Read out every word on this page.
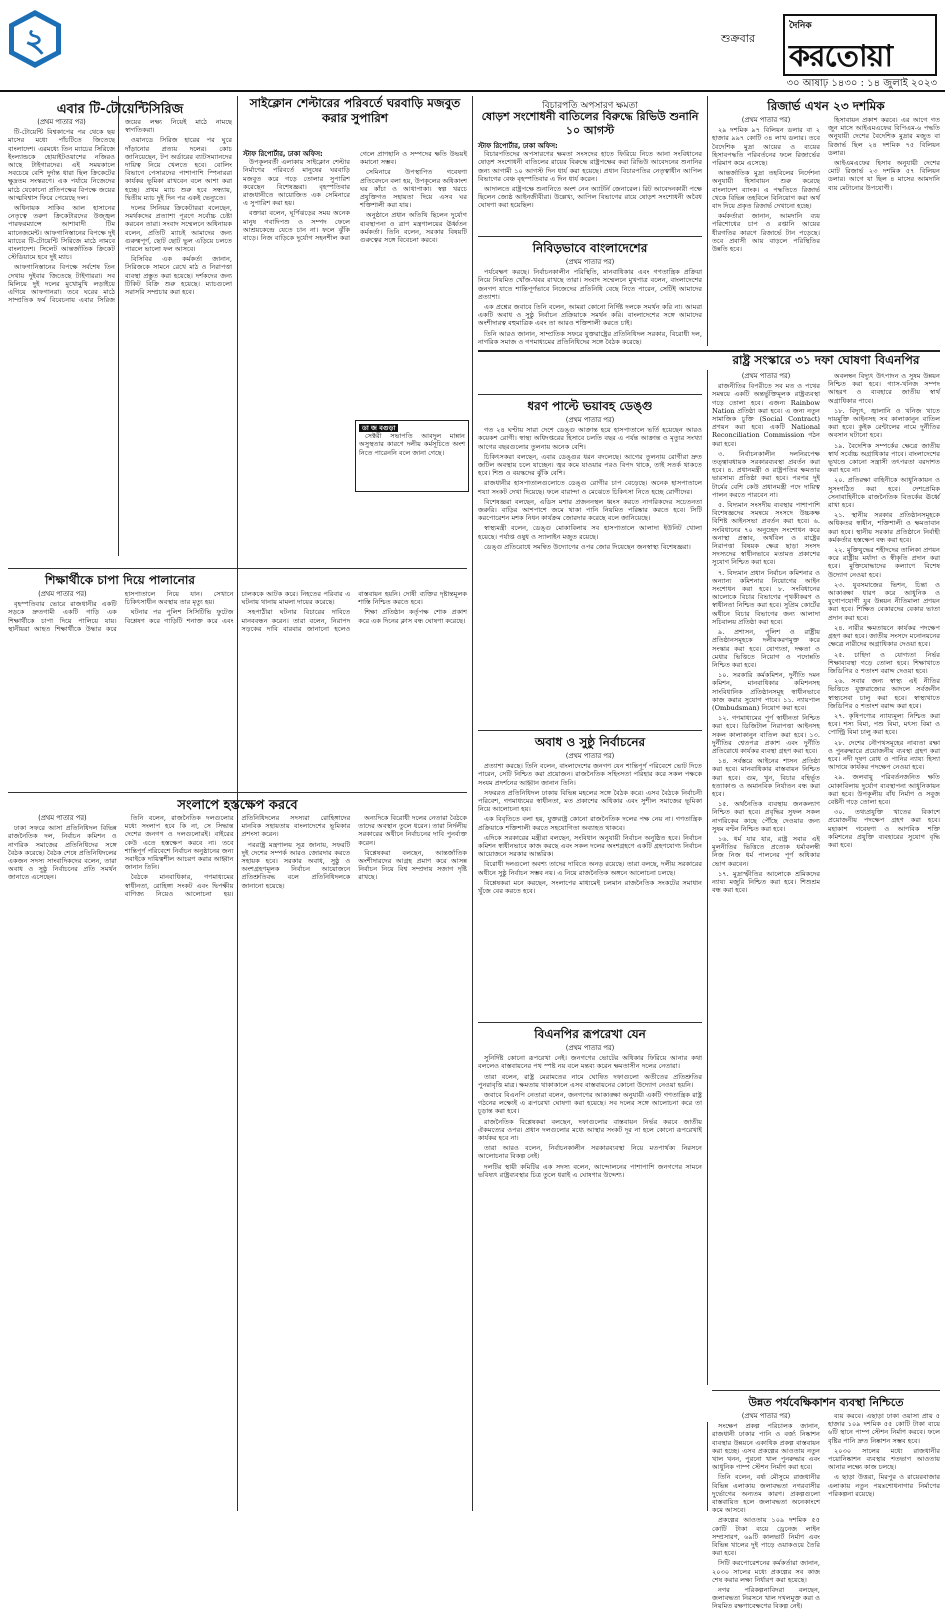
২	শুক্রবার
দৈনিক
করতোয়া
৩০ আষাঢ় ১৪৩০ : ১৪ জুলাই ২০২৩
এবার টি-টোয়েন্টিসিরিজ
(প্রথম পাতার পর)

টি-টোয়েন্টি বিশ্বকাপের পর থেকে ছয় মাসের মধ্যে পাঁচটিতে জিতেছে বাংলাদেশ। এরমধ্যে তিন ম্যাচের সিরিজে ইংল্যান্ডকে হোয়াইটওয়াশের নজিরও আছে টাইগারদের। এই সময়কালে সবচেয়ে বেশি দুর্দান্ত ধারা ছিল ক্রিকেটের ক্ষুদ্রতম সংস্করণে। এক পর্যায়ে নিজেদের মাঠে যেকোনো প্রতিপক্ষের বিপক্ষে জয়ের আত্মবিশ্বাস ফিরে পেয়েছে দল।

অধিনায়ক সাকিব আল হাসানের নেতৃত্বে তরুণ ক্রিকেটারদের উজ্জ্বল পারফরম্যান্সে আশাবাদী টিম ম্যানেজমেন্ট। আফগানিস্তানের বিপক্ষে দুই ম্যাচের টি-টোয়েন্টি সিরিজে মাঠে নামবে বাংলাদেশ। সিলেট আন্তর্জাতিক ক্রিকেট স্টেডিয়ামে হবে দুই ম্যাচ।

আফগানিস্তানের বিপক্ষে সর্বশেষ তিন দেখায় দুইবার জিতেছে টাইগাররা। সব মিলিয়ে দুই দলের মুখোমুখি লড়াইয়ে এগিয়ে আফগানরা। তবে ঘরের মাঠে সাম্প্রতিক ফর্ম বিবেচনায় এবার সিরিজ জয়ের লক্ষ্য নিয়েই মাঠে নামছে স্বাগতিকরা।

ওয়ানডে সিরিজ হারের পর ঘুরে দাঁড়ানোর প্রত্যয় দলের। কোচ জানিয়েছেন, টপ অর্ডারের ব্যাটসম্যানদের দায়িত্ব নিয়ে খেলতে হবে। বোলিং বিভাগে পেসারদের পাশাপাশি স্পিনাররা কার্যকর ভূমিকা রাখবেন বলে আশা করা হচ্ছে। প্রথম ম্যাচ শুরু হবে সন্ধ্যায়, দ্বিতীয় ম্যাচ দুই দিন পর একই ভেন্যুতে।

দলের সিনিয়র ক্রিকেটাররা বলেছেন, সমর্থকদের প্রত্যাশা পূরণে সর্বোচ্চ চেষ্টা করবেন তারা। সংবাদ সম্মেলনে অধিনায়ক বলেন, প্রতিটি ম্যাচই আমাদের জন্য গুরুত্বপূর্ণ, ছোট ছোট ভুল এড়িয়ে চলতে পারলে ভালো ফল আসবে।

বিসিবির এক কর্মকর্তা জানান, সিরিজকে সামনে রেখে মাঠ ও নিরাপত্তা ব্যবস্থা প্রস্তুত করা হয়েছে। দর্শকদের জন্য টিকিট বিক্রি শুরু হয়েছে। ম্যাচগুলো সরাসরি সম্প্রচার করা হবে।

সাইক্লোন শেল্টারের পরিবর্তে ঘরবাড়ি মজবুত করার সুপারিশ
স্টাফ রিপোর্টার, ঢাকা অফিস:

উপকূলবর্তী এলাকায় সাইক্লোন শেল্টার নির্মাণের পরিবর্তে মানুষের ঘরবাড়ি মজবুত করে গড়ে তোলার সুপারিশ করেছেন বিশেষজ্ঞরা। বৃহস্পতিবার রাজধানীতে আয়োজিত এক সেমিনারে এ সুপারিশ করা হয়।

বক্তারা বলেন, ঘূর্ণিঝড়ের সময় অনেক মানুষ গবাদিপশু ও সম্পদ ফেলে আশ্রয়কেন্দ্রে যেতে চান না। ফলে ঝুঁকি বাড়ে। নিজ বাড়িকে দুর্যোগ সহনশীল করা গেলে প্রাণহানি ও সম্পদের ক্ষতি উভয়ই কমানো সম্ভব।

সেমিনারে উপস্থাপিত গবেষণা প্রতিবেদনে বলা হয়, উপকূলের অধিকাংশ ঘর কাঁচা ও আধাপাকা। স্বল্প খরচে প্রযুক্তিগত সহায়তা দিয়ে এসব ঘর শক্তিশালী করা যায়।

অনুষ্ঠানে প্রধান অতিথি ছিলেন দুর্যোগ ব্যবস্থাপনা ও ত্রাণ মন্ত্রণালয়ের ঊর্ধ্বতন কর্মকর্তা। তিনি বলেন, সরকার বিষয়টি গুরুত্বের সঙ্গে বিবেচনা করবে।

ডা জ বগুড়া

সেক্টরী সভাপতি আবদুল মান্নান অসুস্থতার কারণে দলীয় কর্মসূচিতে অংশ নিতে পারেননি বলে জানা গেছে।

শিক্ষার্থীকে চাপা দিয়ে পালানোর
(প্রথম পাতার পর)

বৃহস্পতিবার ভোরে রাজধানীর একটি সড়কে দ্রুতগামী একটি গাড়ি এক শিক্ষার্থীকে চাপা দিয়ে পালিয়ে যায়। স্থানীয়রা আহত শিক্ষার্থীকে উদ্ধার করে হাসপাতালে নিয়ে যান। সেখানে চিকিৎসাধীন অবস্থায় তার মৃত্যু হয়।

ঘটনার পর পুলিশ সিসিটিভি ফুটেজ বিশ্লেষণ করে গাড়িটি শনাক্ত করে এবং চালককে আটক করে। নিহতের পরিবার এ ঘটনায় থানায় মামলা দায়ের করেছে।

সহপাঠীরা ঘটনার বিচারের দাবিতে মানববন্ধন করেন। তারা বলেন, নিরাপদ সড়কের দাবি বারবার জানানো হলেও বাস্তবায়ন হয়নি। দোষী ব্যক্তির দৃষ্টান্তমূলক শাস্তি নিশ্চিত করতে হবে।

শিক্ষা প্রতিষ্ঠান কর্তৃপক্ষ শোক প্রকাশ করে এক দিনের ক্লাস বন্ধ ঘোষণা করেছে।

সংলাপে হস্তক্ষেপ করবে
(প্রথম পাতার পর)

ঢাকা সফরে আসা প্রতিনিধিদল বিভিন্ন রাজনৈতিক দল, নির্বাচন কমিশন ও নাগরিক সমাজের প্রতিনিধিদের সঙ্গে বৈঠক করেছে। বৈঠক শেষে প্রতিনিধিদলের একজন সদস্য সাংবাদিকদের বলেন, তারা অবাধ ও সুষ্ঠু নির্বাচনের প্রতি সমর্থন জানাতে এসেছেন।

তিনি বলেন, রাজনৈতিক দলগুলোর মধ্যে সংলাপ হবে কি না, সে সিদ্ধান্ত দেশের জনগণ ও দলগুলোরই। বাইরের কেউ এতে হস্তক্ষেপ করবে না। তবে শান্তিপূর্ণ পরিবেশে নির্বাচন অনুষ্ঠানের জন্য সবাইকে দায়িত্বশীল আচরণ করার আহ্বান জানান তিনি।

বৈঠকে মানবাধিকার, গণমাধ্যমের স্বাধীনতা, রোহিঙ্গা সংকট এবং দ্বিপক্ষীয় বাণিজ্য নিয়েও আলোচনা হয়। প্রতিনিধিদলের সদস্যরা রোহিঙ্গাদের মানবিক সহায়তায় বাংলাদেশের ভূমিকার প্রশংসা করেন।

পররাষ্ট্র মন্ত্রণালয় সূত্র জানায়, সফরটি দুই দেশের সম্পর্ক আরও জোরদার করতে সহায়ক হবে। সরকার অবাধ, সুষ্ঠু ও অংশগ্রহণমূলক নির্বাচন আয়োজনে প্রতিশ্রুতিবদ্ধ বলে প্রতিনিধিদলকে জানানো হয়েছে।

অন্যদিকে বিরোধী দলের নেতারা বৈঠকে তাদের অবস্থান তুলে ধরেন। তারা নির্দলীয় সরকারের অধীনে নির্বাচনের দাবি পুনর্ব্যক্ত করেন।

বিশ্লেষকরা বলছেন, আন্তর্জাতিক অংশীদারদের আগ্রহ প্রমাণ করে আসন্ন নির্বাচন নিয়ে বিশ্ব সম্প্রদায় সজাগ দৃষ্টি রাখছে।

বিচারপতি অপসারণ ক্ষমতা
ষোড়শ সংশোধনী বাতিলের বিরুদ্ধে রিভিউ শুনানি ১০ আগস্ট
স্টাফ রিপোর্টার, ঢাকা অফিস:

বিচারপতিদের অপসারণের ক্ষমতা সংসদের হাতে ফিরিয়ে নিতে আনা সংবিধানের ষোড়শ সংশোধনী বাতিলের রায়ের বিরুদ্ধে রাষ্ট্রপক্ষের করা রিভিউ আবেদনের শুনানির জন্য আগামী ১০ আগস্ট দিন ধার্য করা হয়েছে। প্রধান বিচারপতির নেতৃত্বাধীন আপিল বিভাগের বেঞ্চ বৃহস্পতিবার এ দিন ধার্য করেন।

আদালতে রাষ্ট্রপক্ষে শুনানিতে অংশ নেন অ্যাটর্নি জেনারেল। রিট আবেদনকারী পক্ষে ছিলেন জ্যেষ্ঠ আইনজীবীরা। উল্লেখ্য, আপিল বিভাগের রায়ে ষোড়শ সংশোধনী অবৈধ ঘোষণা করা হয়েছিল।

নিবিড়ভাবে বাংলাদেশের
(প্রথম পাতার পর)

পর্যবেক্ষণ করছে। নির্বাচনকালীন পরিস্থিতি, মানবাধিকার এবং গণতান্ত্রিক প্রক্রিয়া নিয়ে নিয়মিত খোঁজ-খবর রাখছে তারা। সংবাদ সম্মেলনে মুখপাত্র বলেন, বাংলাদেশের জনগণ যাতে শান্তিপূর্ণভাবে নিজেদের প্রতিনিধি বেছে নিতে পারেন, সেটিই আমাদের প্রত্যাশা।

এক প্রশ্নের জবাবে তিনি বলেন, আমরা কোনো নির্দিষ্ট দলকে সমর্থন করি না। আমরা একটি অবাধ ও সুষ্ঠু নির্বাচন প্রক্রিয়াকে সমর্থন করি। বাংলাদেশের সঙ্গে আমাদের অংশীদারত্ব বহুমাত্রিক এবং তা আরও শক্তিশালী করতে চাই।

তিনি আরও জানান, সাম্প্রতিক সফরে যুক্তরাষ্ট্রের প্রতিনিধিদল সরকার, বিরোধী দল, নাগরিক সমাজ ও গণমাধ্যমের প্রতিনিধিদের সঙ্গে বৈঠক করেছে।

ধরণ পাল্টে ভয়াবহ ডেঙ্গু
(প্রথম পাতার পর)

গত ২৪ ঘণ্টায় সারা দেশে ডেঙ্গু আক্রান্ত হয়ে হাসপাতালে ভর্তি হয়েছেন আরও কয়েকশ রোগী। স্বাস্থ্য অধিদপ্তরের হিসাবে চলতি বছর এ পর্যন্ত আক্রান্ত ও মৃত্যুর সংখ্যা আগের বছরগুলোর তুলনায় অনেক বেশি।

চিকিৎসকরা বলছেন, এবার ডেঙ্গুর ধরন বদলেছে। আগের তুলনায় রোগীরা দ্রুত জটিল অবস্থায় চলে যাচ্ছেন। জ্বর কমে যাওয়ার পরও বিপদ থাকে, তাই সতর্ক থাকতে হবে। শিশু ও বয়স্কদের ঝুঁকি বেশি।

রাজধানীর হাসপাতালগুলোতে ডেঙ্গু রোগীর চাপ বেড়েছে। অনেক হাসপাতালে শয্যা সংকট দেখা দিয়েছে। ফলে বারান্দা ও মেঝেতে চিকিৎসা নিতে হচ্ছে রোগীদের।

বিশেষজ্ঞরা বলছেন, এডিস মশার প্রজননস্থল ধ্বংস করতে নাগরিকদের সচেতনতা জরুরি। বাড়ির আশপাশে জমে থাকা পানি নিয়মিত পরিষ্কার করতে হবে। সিটি করপোরেশন মশক নিধন কার্যক্রম জোরদার করেছে বলে জানিয়েছে।

স্বাস্থ্যমন্ত্রী বলেন, ডেঙ্গু মোকাবিলায় সব হাসপাতালে আলাদা ইউনিট খোলা হয়েছে। পর্যাপ্ত ওষুধ ও স্যালাইন মজুত রয়েছে।

ডেঙ্গু প্রতিরোধে সমন্বিত উদ্যোগের ওপর জোর দিয়েছেন জনস্বাস্থ্য বিশেষজ্ঞরা।

অবাধ ও সুষ্ঠু নির্বাচনের
(প্রথম পাতার পর)

প্রত্যাশা করছে। তিনি বলেন, বাংলাদেশের জনগণ যেন শান্তিপূর্ণ পরিবেশে ভোট দিতে পারেন, সেটি নিশ্চিত করা প্রয়োজন। রাজনৈতিক সহিংসতা পরিহার করে সকল পক্ষকে সংযম প্রদর্শনের আহ্বান জানান তিনি।

সফররত প্রতিনিধিদল ঢাকায় বিভিন্ন মহলের সঙ্গে বৈঠক করে। এসব বৈঠকে নির্বাচনী পরিবেশ, গণমাধ্যমের স্বাধীনতা, মত প্রকাশের অধিকার এবং সুশীল সমাজের ভূমিকা নিয়ে আলোচনা হয়।

এক বিবৃতিতে বলা হয়, যুক্তরাষ্ট্র কোনো রাজনৈতিক দলের পক্ষ নেয় না। গণতান্ত্রিক প্রক্রিয়াকে শক্তিশালী করতে সহযোগিতা অব্যাহত থাকবে।

এদিকে সরকারের মন্ত্রীরা বলছেন, সংবিধান অনুযায়ী নির্বাচন অনুষ্ঠিত হবে। নির্বাচন কমিশন স্বাধীনভাবে কাজ করছে এবং সকল দলের অংশগ্রহণে একটি গ্রহণযোগ্য নির্বাচন আয়োজনে সরকার আন্তরিক।

বিরোধী দলগুলো অবশ্য তাদের দাবিতে অনড় রয়েছে। তারা বলছে, দলীয় সরকারের অধীনে সুষ্ঠু নির্বাচন সম্ভব নয়। এ নিয়ে রাজনৈতিক অঙ্গনে আলোচনা চলছে।

বিশ্লেষকরা মনে করছেন, সংলাপের মাধ্যমেই চলমান রাজনৈতিক সংকটের সমাধান খুঁজে বের করতে হবে।

বিএনপির রূপরেখা যেন
(প্রথম পাতার পর)

সুনির্দিষ্ট কোনো রূপরেখা নেই। জনগণের ভোটের অধিকার ফিরিয়ে আনার কথা বললেও বাস্তবায়নের পথ স্পষ্ট নয় বলে মন্তব্য করেন ক্ষমতাসীন দলের নেতারা।

তারা বলেন, রাষ্ট্র মেরামতের নামে ঘোষিত দফাগুলো অতীতের প্রতিশ্রুতির পুনরাবৃত্তি মাত্র। ক্ষমতায় থাকাকালে এসব বাস্তবায়নের কোনো উদ্যোগ নেওয়া হয়নি।

জবাবে বিএনপি নেতারা বলেন, জনগণের আকাঙ্ক্ষা অনুযায়ী একটি গণতান্ত্রিক রাষ্ট্র গঠনের লক্ষ্যেই এ রূপরেখা ঘোষণা করা হয়েছে। সব দলের সঙ্গে আলোচনা করে তা চূড়ান্ত করা হবে।

রাজনৈতিক বিশ্লেষকরা বলছেন, দফাগুলোর বাস্তবায়ন নির্ভর করবে জাতীয় ঐকমত্যের ওপর। প্রধান দলগুলোর মধ্যে আস্থার সংকট দূর না হলে কোনো রূপরেখাই কার্যকর হবে না।

তারা আরও বলেন, নির্বাচনকালীন সরকারব্যবস্থা নিয়ে মতপার্থক্য নিরসনে আলোচনার বিকল্প নেই।

দলটির স্থায়ী কমিটির এক সদস্য বলেন, আন্দোলনের পাশাপাশি জনগণের সামনে ভবিষ্যৎ রাষ্ট্রব্যবস্থার চিত্র তুলে ধরাই এ ঘোষণার উদ্দেশ্য।

রিজার্ভ এখন ২৩ দশমিক
(প্রথম পাতার পর)

২৯ দশমিক ৯৭ বিলিয়ন ডলার বা ২ হাজার ৯৯৭ কোটি ৩৪ লাখ ডলার। তবে বৈদেশিক মুদ্রা আয়ের ও ব্যয়ের হিসাবপদ্ধতি পরিবর্তনের ফলে রিজার্ভের পরিমাণ কমে এসেছে।

আন্তর্জাতিক মুদ্রা তহবিলের নির্দেশনা অনুযায়ী হিসাবায়ন শুরু করেছে বাংলাদেশ ব্যাংক। এ পদ্ধতিতে রিজার্ভ থেকে বিভিন্ন তহবিলে বিনিয়োগ করা অর্থ বাদ দিয়ে প্রকৃত রিজার্ভ দেখানো হচ্ছে।

কর্মকর্তারা জানান, আমদানি ব্যয় পরিশোধের চাপ ও রপ্তানি আয়ের ধীরগতির কারণে রিজার্ভে টান পড়েছে। তবে প্রবাসী আয় বাড়লে পরিস্থিতির উন্নতি হবে।

হিসাবায়ন প্রকাশ করবে। এর আগে গত জুন মাসে আইএমএফের বিপিএম-৬ পদ্ধতি অনুযায়ী দেশের বৈদেশিক মুদ্রার মজুত বা রিজার্ভ ছিল ২৪ দশমিক ৭৫ বিলিয়ন ডলার।

আইএমএফের হিসাব অনুযায়ী দেশের মোট রিজার্ভ ২৩ দশমিক ৫৭ বিলিয়ন ডলার। আগে যা ছিল ৪ মাসের আমদানি ব্যয় মেটানোর উপযোগী।

রাষ্ট্র সংস্কারে ৩১ দফা ঘোষণা বিএনপির
(প্রথম পাতার পর)

রাজনীতির বিপরীতে সব মত ও পথের সমন্বয়ে একটি অন্তর্ভুক্তিমূলক রাষ্ট্রব্যবস্থা গড়ে তোলা হবে। এজন্য Rainbow Nation প্রতিষ্ঠা করা হবে। এ জন্য নতুন সামাজিক চুক্তি (Social Contract) প্রণয়ন করা হবে। একটি National Reconciliation Commission গঠন করা হবে।

৩. নির্বাচনকালীন দলনিরপেক্ষ তত্ত্বাবধায়ক সরকারব্যবস্থা প্রবর্তন করা হবে। ৪. প্রধানমন্ত্রী ও রাষ্ট্রপতির ক্ষমতার ভারসাম্য প্রতিষ্ঠা করা হবে। পরপর দুই টার্মের বেশি কেউ প্রধানমন্ত্রী পদে দায়িত্ব পালন করতে পারবেন না।

৫. বিদ্যমান সংসদীয় ব্যবস্থার পাশাপাশি বিশেষজ্ঞদের সমন্বয়ে সংসদে উচ্চকক্ষ বিশিষ্ট আইনসভা প্রবর্তন করা হবে। ৬. সংবিধানের ৭০ অনুচ্ছেদ সংশোধন করে অনাস্থা প্রস্তাব, অর্থবিল ও রাষ্ট্রের নিরাপত্তা বিষয়ক ক্ষেত্র ছাড়া সংসদ সদস্যদের স্বাধীনভাবে মতামত প্রকাশের সুযোগ নিশ্চিত করা হবে।

৭. বিদ্যমান প্রধান নির্বাচন কমিশনার ও অন্যান্য কমিশনার নিয়োগের আইন সংশোধন করা হবে। ৮. সংবিধানের আলোকে বিচার বিভাগের পৃথকীকরণ ও স্বাধীনতা নিশ্চিত করা হবে। সুপ্রিম কোর্টের অধীনে বিচার বিভাগের জন্য আলাদা সচিবালয় প্রতিষ্ঠা করা হবে।

৯. প্রশাসন, পুলিশ ও রাষ্ট্রীয় প্রতিষ্ঠানসমূহকে দলীয়করণমুক্ত করে সংস্কার করা হবে। যোগ্যতা, দক্ষতা ও মেধার ভিত্তিতে নিয়োগ ও পদোন্নতি নিশ্চিত করা হবে।

১০. সরকারি কর্মকমিশন, দুর্নীতি দমন কমিশন, মানবাধিকার কমিশনসহ সাংবিধানিক প্রতিষ্ঠানসমূহ স্বাধীনভাবে কাজ করার সুযোগ পাবে। ১১. ন্যায়পাল (Ombudsman) নিয়োগ করা হবে।

১২. গণমাধ্যমের পূর্ণ স্বাধীনতা নিশ্চিত করা হবে। ডিজিটাল নিরাপত্তা আইনসহ সকল কালাকানুন বাতিল করা হবে। ১৩. দুর্নীতির শ্বেতপত্র প্রকাশ এবং দুর্নীতি প্রতিরোধে কার্যকর ব্যবস্থা গ্রহণ করা হবে।

১৪. সর্বস্তরে আইনের শাসন প্রতিষ্ঠা করা হবে। মানবাধিকার বাস্তবায়ন নিশ্চিত করা হবে। গুম, খুন, বিচার বহির্ভূত হত্যাকাণ্ড ও অমানবিক নির্যাতন বন্ধ করা হবে।

১৫. অর্থনৈতিক ব্যবস্থায় জনকল্যাণ নিশ্চিত করা হবে। প্রবৃদ্ধির সুফল সকল নাগরিকের কাছে পৌঁছে দেওয়ার জন্য সুষম বণ্টন নিশ্চিত করা হবে।

১৬. ধর্ম যার যার, রাষ্ট্র সবার এই মূলনীতির ভিত্তিতে প্রত্যেক ধর্মাবলম্বী নিজ নিজ ধর্ম পালনের পূর্ণ অধিকার ভোগ করবেন।

১৭. মুদ্রাস্ফীতির আলোকে শ্রমিকদের ন্যায্য মজুরি নিশ্চিত করা হবে। শিশুশ্রম বন্ধ করা হবে।

অবলম্বন বিদ্যুৎ উৎপাদন ও সুষম উন্নয়ন নিশ্চিত করা হবে। গ্যাস-খনিজ সম্পদ আহরণ ও ব্যবহারে জাতীয় স্বার্থ অগ্রাধিকার পাবে।

১৮. বিদ্যুৎ, জ্বালানি ও খনিজ খাতে দায়মুক্তি আইনসহ সব কালাকানুন বাতিল করা হবে। কুইক রেন্টালের নামে দুর্নীতির অবসান ঘটানো হবে।

১৯. বৈদেশিক সম্পর্কের ক্ষেত্রে জাতীয় স্বার্থ সর্বোচ্চ অগ্রাধিকার পাবে। বাংলাদেশের ভূখণ্ডে কোনো সন্ত্রাসী তৎপরতা বরদাশত করা হবে না।

২০. প্রতিরক্ষা বাহিনীকে আধুনিকায়ন ও সুসংগঠিত করা হবে। দেশপ্রেমিক সেনাবাহিনীকে রাজনৈতিক বিতর্কের ঊর্ধ্বে রাখা হবে।

২১. স্থানীয় সরকার প্রতিষ্ঠানসমূহকে অধিকতর স্বাধীন, শক্তিশালী ও ক্ষমতাবান করা হবে। স্থানীয় সরকার প্রতিষ্ঠানে নির্বাহী কর্মকর্তার হস্তক্ষেপ বন্ধ করা হবে।

২২. মুক্তিযুদ্ধের শহীদদের তালিকা প্রণয়ন করে রাষ্ট্রীয় মর্যাদা ও স্বীকৃতি প্রদান করা হবে। মুক্তিযোদ্ধাদের কল্যাণে বিশেষ উদ্যোগ নেওয়া হবে।

২৩. যুবসমাজের ভিশন, চিন্তা ও আকাঙ্ক্ষা ধারণ করে আধুনিক ও যুগোপযোগী যুব উন্নয়ন নীতিমালা প্রণয়ন করা হবে। শিক্ষিত বেকারদের বেকার ভাতা প্রদান করা হবে।

২৪. নারীর ক্ষমতায়নে কার্যকর পদক্ষেপ গ্রহণ করা হবে। জাতীয় সংসদে মনোনয়নের ক্ষেত্রে নারীদের অগ্রাধিকার দেওয়া হবে।

২৫. চাহিদা ও যোগ্যতা নির্ভর শিক্ষাব্যবস্থা গড়ে তোলা হবে। শিক্ষাখাতে জিডিপির ৫ শতাংশ বরাদ্দ দেওয়া হবে।

২৬. সবার জন্য স্বাস্থ্য এই নীতির ভিত্তিতে যুক্তরাজ্যের আদলে সর্বজনীন স্বাস্থ্যসেবা চালু করা হবে। স্বাস্থ্যখাতে জিডিপির ৫ শতাংশ বরাদ্দ করা হবে।

২৭. কৃষিপণ্যের ন্যায্যমূল্য নিশ্চিত করা হবে। শস্য বিমা, পশু বিমা, মৎস্য বিমা ও পোল্ট্রি বিমা চালু করা হবে।

২৮. দেশের নৌপথসমূহের নাব্যতা রক্ষা ও পুনরুদ্ধারে প্রয়োজনীয় ব্যবস্থা গ্রহণ করা হবে। নদী দূষণ রোধ ও পানির ন্যায্য হিস্যা আদায়ে কার্যকর পদক্ষেপ নেওয়া হবে।

২৯. জলবায়ু পরিবর্তনজনিত ক্ষতি মোকাবিলায় দুর্যোগ ব্যবস্থাপনা আধুনিকায়ন করা হবে। উপকূলীয় বাঁধ নির্মাণ ও সবুজ বেষ্টনী গড়ে তোলা হবে।

৩০. তথ্যপ্রযুক্তি খাতের বিকাশে প্রয়োজনীয় পদক্ষেপ গ্রহণ করা হবে। মহাকাশ গবেষণা ও আণবিক শক্তি কমিশনের প্রযুক্তি ব্যবহারের সুযোগ বৃদ্ধি করা হবে।

উন্নত পর্যবেক্ষিকাশন ব্যবস্থা নিশ্চিতে
(প্রথম পাতার পর)

সংক্ষেপ প্রকল্প পরিচালক জানান, রাজধানী ঢাকার পানি ও বর্জ্য নিষ্কাশন ব্যবস্থার উন্নয়নে একাধিক প্রকল্প বাস্তবায়ন করা হচ্ছে। এসব প্রকল্পের আওতায় নতুন খাল খনন, পুরনো খাল পুনরুদ্ধার এবং আধুনিক পাম্প স্টেশন নির্মাণ করা হবে।

তিনি বলেন, বর্ষা মৌসুমে রাজধানীর বিভিন্ন এলাকায় জলাবদ্ধতা নগরবাসীর দুর্ভোগের অন্যতম কারণ। প্রকল্পগুলো বাস্তবায়িত হলে জলাবদ্ধতা অনেকাংশে কমে আসবে।

প্রকল্পের আওতায় ১০৯ দশমিক ৫৫ কোটি টাকা ব্যয়ে ড্রেনেজ লাইন সম্প্রসারণ, ৬৯টি কালভার্ট নির্মাণ এবং বিভিন্ন খালের দুই পাড়ে ওয়াকওয়ে তৈরি করা হবে।

সিটি করপোরেশনের কর্মকর্তারা জানান, ২০৩০ সালের মধ্যে প্রকল্পের সব কাজ শেষ করার লক্ষ্য নির্ধারণ করা হয়েছে।

নগর পরিকল্পনাবিদরা বলছেন, জলাবদ্ধতা নিরসনে খাল দখলমুক্ত করা ও নিয়মিত রক্ষণাবেক্ষণের বিকল্প নেই।

ব্যয় করবে। এছাড়া ঢাকা ওয়াসা প্রায় ৫ হাজার ১০৯ দশমিক ৫৫ কোটি টাকা ব্যয়ে ৬টি স্থানে পাম্প স্টেশন নির্মাণ করবে। ফলে বৃষ্টির পানি দ্রুত নিষ্কাশন সম্ভব হবে।

২০৩০ সালের মধ্যে রাজধানীর পয়োনিষ্কাশন ব্যবস্থার শতভাগ আওতায় আনার লক্ষ্যে কাজ চলছে।

এ ছাড়া উত্তরা, মিরপুর ও রায়েরবাজার এলাকায় নতুন পয়ঃশোধনাগার নির্মাণের পরিকল্পনা রয়েছে।
